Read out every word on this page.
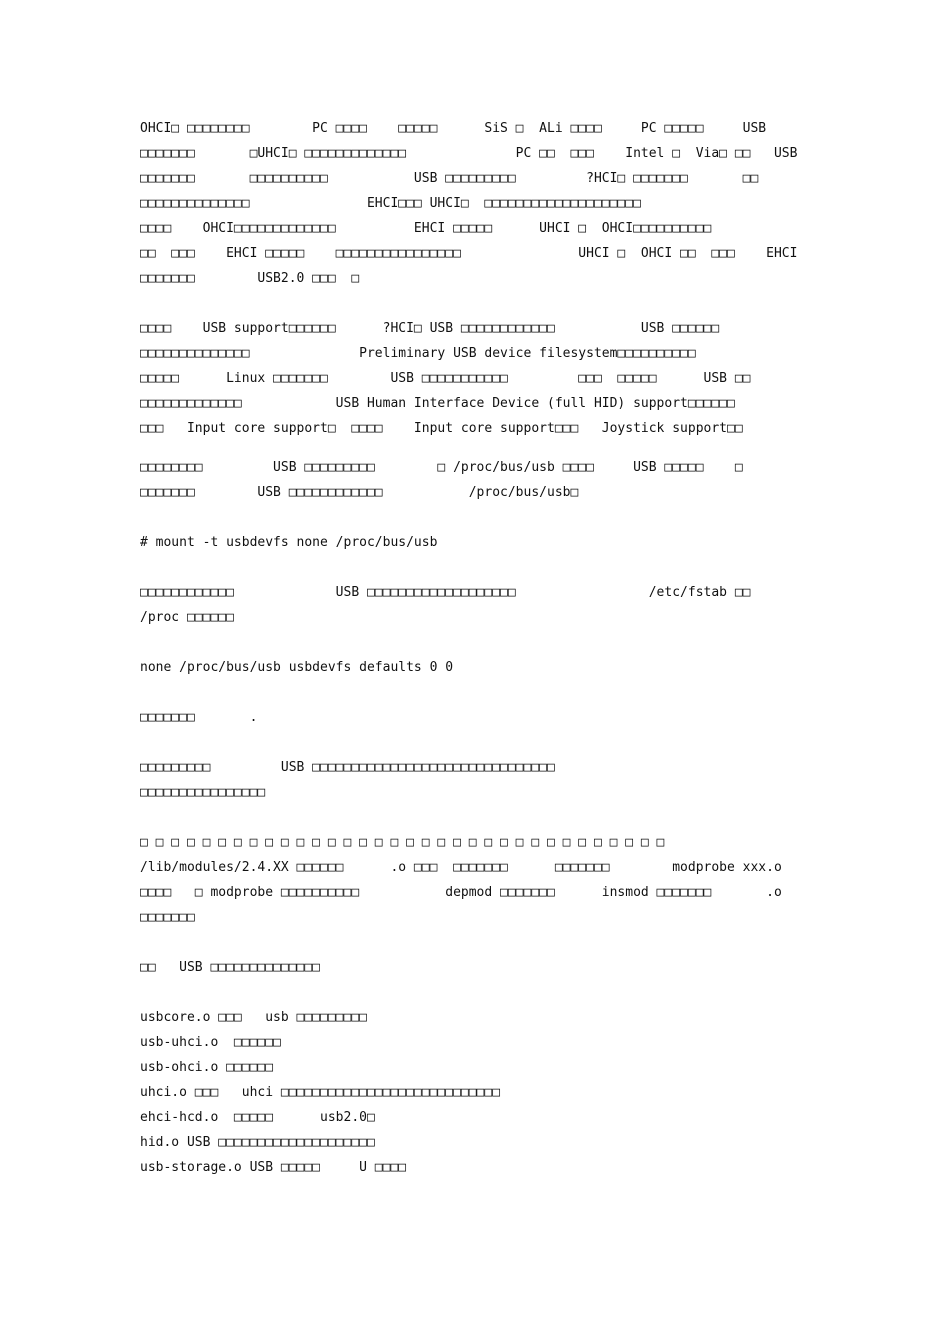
OHCI□ □□□□□□□□        PC □□□□    □□□□□      SiS □  ALi □□□□     PC □□□□□     USB
□□□□□□□       □UHCI□ □□□□□□□□□□□□□              PC □□  □□□    Intel □  Via□ □□   USB
□□□□□□□       □□□□□□□□□□           USB □□□□□□□□□         ?HCI□ □□□□□□□       □□
□□□□□□□□□□□□□□               EHCI□□□ UHCI□  □□□□□□□□□□□□□□□□□□□□
□□□□    OHCI□□□□□□□□□□□□□          EHCI □□□□□      UHCI □  OHCI□□□□□□□□□□
□□  □□□    EHCI □□□□□    □□□□□□□□□□□□□□□□               UHCI □  OHCI □□  □□□    EHCI
□□□□□□□        USB2.0 □□□  □
□□□□    USB support□□□□□□      ?HCI□ USB □□□□□□□□□□□□           USB □□□□□□
□□□□□□□□□□□□□□              Preliminary USB device filesystem□□□□□□□□□□
□□□□□      Linux □□□□□□□        USB □□□□□□□□□□□         □□□  □□□□□      USB □□
□□□□□□□□□□□□□            USB Human Interface Device (full HID) support□□□□□□
□□□   Input core support□  □□□□    Input core support□□□   Joystick support□□
□□□□□□□□         USB □□□□□□□□□        □ /proc/bus/usb □□□□     USB □□□□□    □
□□□□□□□        USB □□□□□□□□□□□□           /proc/bus/usb□
# mount -t usbdevfs none /proc/bus/usb
□□□□□□□□□□□□             USB □□□□□□□□□□□□□□□□□□□                 /etc/fstab □□
/proc □□□□□□
none /proc/bus/usb usbdevfs defaults 0 0
□□□□□□□       .
□□□□□□□□□         USB □□□□□□□□□□□□□□□□□□□□□□□□□□□□□□□
□□□□□□□□□□□□□□□□
□ □ □ □ □ □ □ □ □ □ □ □ □ □ □ □ □ □ □ □ □ □ □ □ □ □ □ □ □ □ □ □ □ □
/lib/modules/2.4.XX □□□□□□      .o □□□  □□□□□□□      □□□□□□□        modprobe xxx.o
□□□□   □ modprobe □□□□□□□□□□           depmod □□□□□□□      insmod □□□□□□□       .o
□□□□□□□
□□   USB □□□□□□□□□□□□□□
usbcore.o □□□   usb □□□□□□□□□
usb-uhci.o  □□□□□□
usb-ohci.o □□□□□□
uhci.o □□□   uhci □□□□□□□□□□□□□□□□□□□□□□□□□□□□
ehci-hcd.o  □□□□□      usb2.0□
hid.o USB □□□□□□□□□□□□□□□□□□□□
usb-storage.o USB □□□□□     U □□□□
